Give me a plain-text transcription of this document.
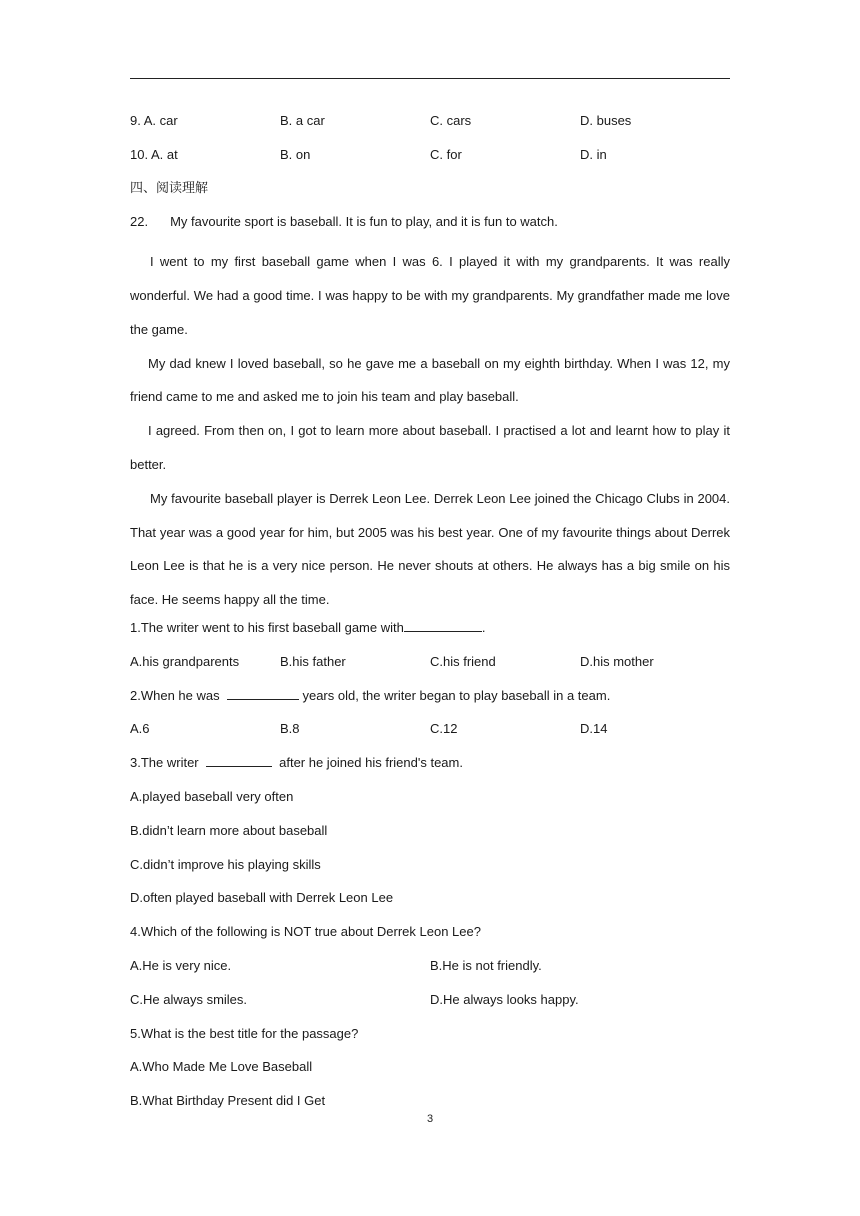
9. A. car	B. a car	C. cars	D. buses
10. A. at	B. on	C. for	D. in
四、阅读理解
22. My favourite sport is baseball. It is fun to play, and it is fun to watch.

I went to my first baseball game when I was 6. I played it with my grandparents. It was really wonderful. We had a good time. I was happy to be with my grandparents. My grandfather made me love the game.

My dad knew I loved baseball, so he gave me a baseball on my eighth birthday. When I was 12, my friend came to me and asked me to join his team and play baseball.

I agreed. From then on, I got to learn more about baseball. I practised a lot and learnt how to play it better.

My favourite baseball player is Derrek Leon Lee. Derrek Leon Lee joined the Chicago Clubs in 2004. That year was a good year for him, but 2005 was his best year. One of my favourite things about Derrek Leon Lee is that he is a very nice person. He never shouts at others. He always has a big smile on his face. He seems happy all the time.

1.The writer went to his first baseball game with	.
A.his grandparents	B.his father	C.his friend	D.his mother
2.When he was	years old, the writer began to play baseball in a team.
A.6	B.8	C.12	D.14
3.The writer	after he joined his friend's team.
A.played baseball very often
B.didn’t learn more about baseball
C.didn’t improve his playing skills
D.often played baseball with Derrek Leon Lee
4.Which of the following is NOT true about Derrek Leon Lee?
A.He is very nice.	B.He is not friendly.
C.He always smiles.	D.He always looks happy.
5.What is the best title for the passage?
A.Who Made Me Love Baseball
B.What Birthday Present did I Get
3
